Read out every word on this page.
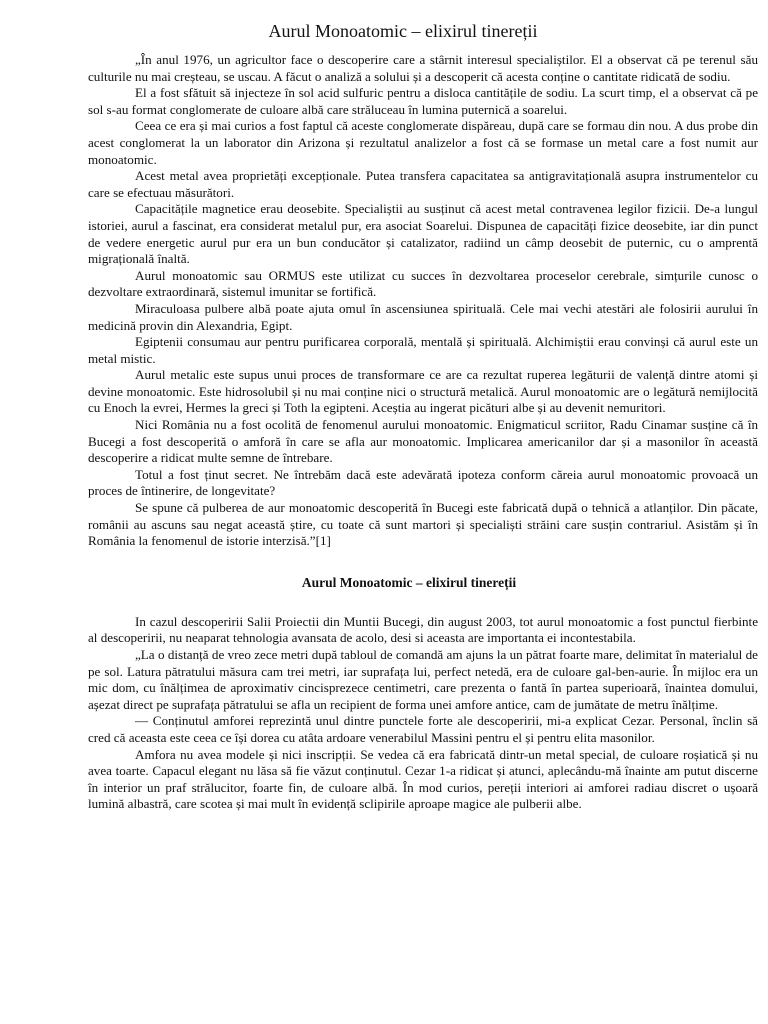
Aurul Monoatomic – elixirul tinereții

„În anul 1976, un agricultor face o descoperire care a stârnit interesul specialiștilor. El a observat că pe terenul său culturile nu mai creșteau, se uscau. A făcut o analiză a solului și a descoperit că acesta conține o cantitate ridicată de sodiu.

El a fost sfătuit să injecteze în sol acid sulfuric pentru a disloca cantitățile de sodiu. La scurt timp, el a observat că pe sol s-au format conglomerate de culoare albă care străluceau în lumina puternică a soarelui.

Ceea ce era și mai curios a fost faptul că aceste conglomerate dispăreau, după care se formau din nou. A dus probe din acest conglomerat la un laborator din Arizona și rezultatul analizelor a fost că se formase un metal care a fost numit aur monoatomic.

Acest metal avea proprietăți excepționale. Putea transfera capacitatea sa antigravitațională asupra instrumentelor cu care se efectuau măsurători.

Capacitățile magnetice erau deosebite. Specialiștii au susținut că acest metal contravenea legilor fizicii. De-a lungul istoriei, aurul a fascinat, era considerat metalul pur, era asociat Soarelui. Dispunea de capacități fizice deosebite, iar din punct de vedere energetic aurul pur era un bun conducător și catalizator, radiind un câmp deosebit de puternic, cu o amprentă migrațională înaltă.

Aurul monoatomic sau ORMUS este utilizat cu succes în dezvoltarea proceselor cerebrale, simțurile cunosc o dezvoltare extraordinară, sistemul imunitar se fortifică.

Miraculoasa pulbere albă poate ajuta omul în ascensiunea spirituală. Cele mai vechi atestări ale folosirii aurului în medicină provin din Alexandria, Egipt.

Egiptenii consumau aur pentru purificarea corporală, mentală și spirituală. Alchimiștii erau convinși că aurul este un metal mistic.

Aurul metalic este supus unui proces de transformare ce are ca rezultat ruperea legăturii de valență dintre atomi și devine monoatomic. Este hidrosolubil și nu mai conține nici o structură metalică. Aurul monoatomic are o legătură nemijlocită cu Enoch la evrei, Hermes la greci și Toth la egipteni. Aceștia au ingerat picături albe și au devenit nemuritori.

Nici România nu a fost ocolită de fenomenul aurului monoatomic. Enigmaticul scriitor, Radu Cinamar susține că în Bucegi a fost descoperită o amforă în care se afla aur monoatomic. Implicarea americanilor dar și a masonilor în această descoperire a ridicat multe semne de întrebare.

Totul a fost ținut secret. Ne întrebăm dacă este adevărată ipoteza conform căreia aurul monoatomic provoacă un proces de întinerire, de longevitate?

Se spune că pulberea de aur monoatomic descoperită în Bucegi este fabricată după o tehnică a atlanților. Din păcate, românii au ascuns sau negat această știre, cu toate că sunt martori și specialiști străini care susțin contrariul. Asistăm și în România la fenomenul de istorie interzisă.”[1]

Aurul Monoatomic – elixirul tinereții

In cazul descoperirii Salii Proiectii din Muntii Bucegi, din august 2003, tot aurul monoatomic a fost punctul fierbinte al descoperirii, nu neaparat tehnologia avansata de acolo, desi si aceasta are importanta ei incontestabila.

„La o distanță de vreo zece metri după tabloul de comandă am ajuns la un pătrat foarte mare, delimitat în materialul de pe sol. Latura pătratului măsura cam trei metri, iar suprafața lui, perfect netedă, era de culoare gal-ben-aurie. În mijloc era un mic dom, cu înălțimea de aproximativ cincisprezece centimetri, care prezenta o fantă în partea superioară, înaintea domului, așezat direct pe suprafața pătratului se afla un recipient de forma unei amfore antice, cam de jumătate de metru înălțime.

— Conținutul amforei reprezintă unul dintre punctele forte ale descoperirii, mi-a explicat Cezar. Personal, înclin să cred că aceasta este ceea ce își dorea cu atâta ardoare venerabilul Massini pentru el și pentru elita masonilor.

Amfora nu avea modele și nici inscripții. Se vedea că era fabricată dintr-un metal special, de culoare roșiatică și nu avea toarte. Capacul elegant nu lăsa să fie văzut conținutul. Cezar 1-a ridicat și atunci, aplecându-mă înainte am putut discerne în interior un praf strălucitor, foarte fin, de culoare albă. În mod curios, pereții interiori ai amforei radiau discret o ușoară lumină albastră, care scotea și mai mult în evidență sclipirile aproape magice ale pulberii albe.
